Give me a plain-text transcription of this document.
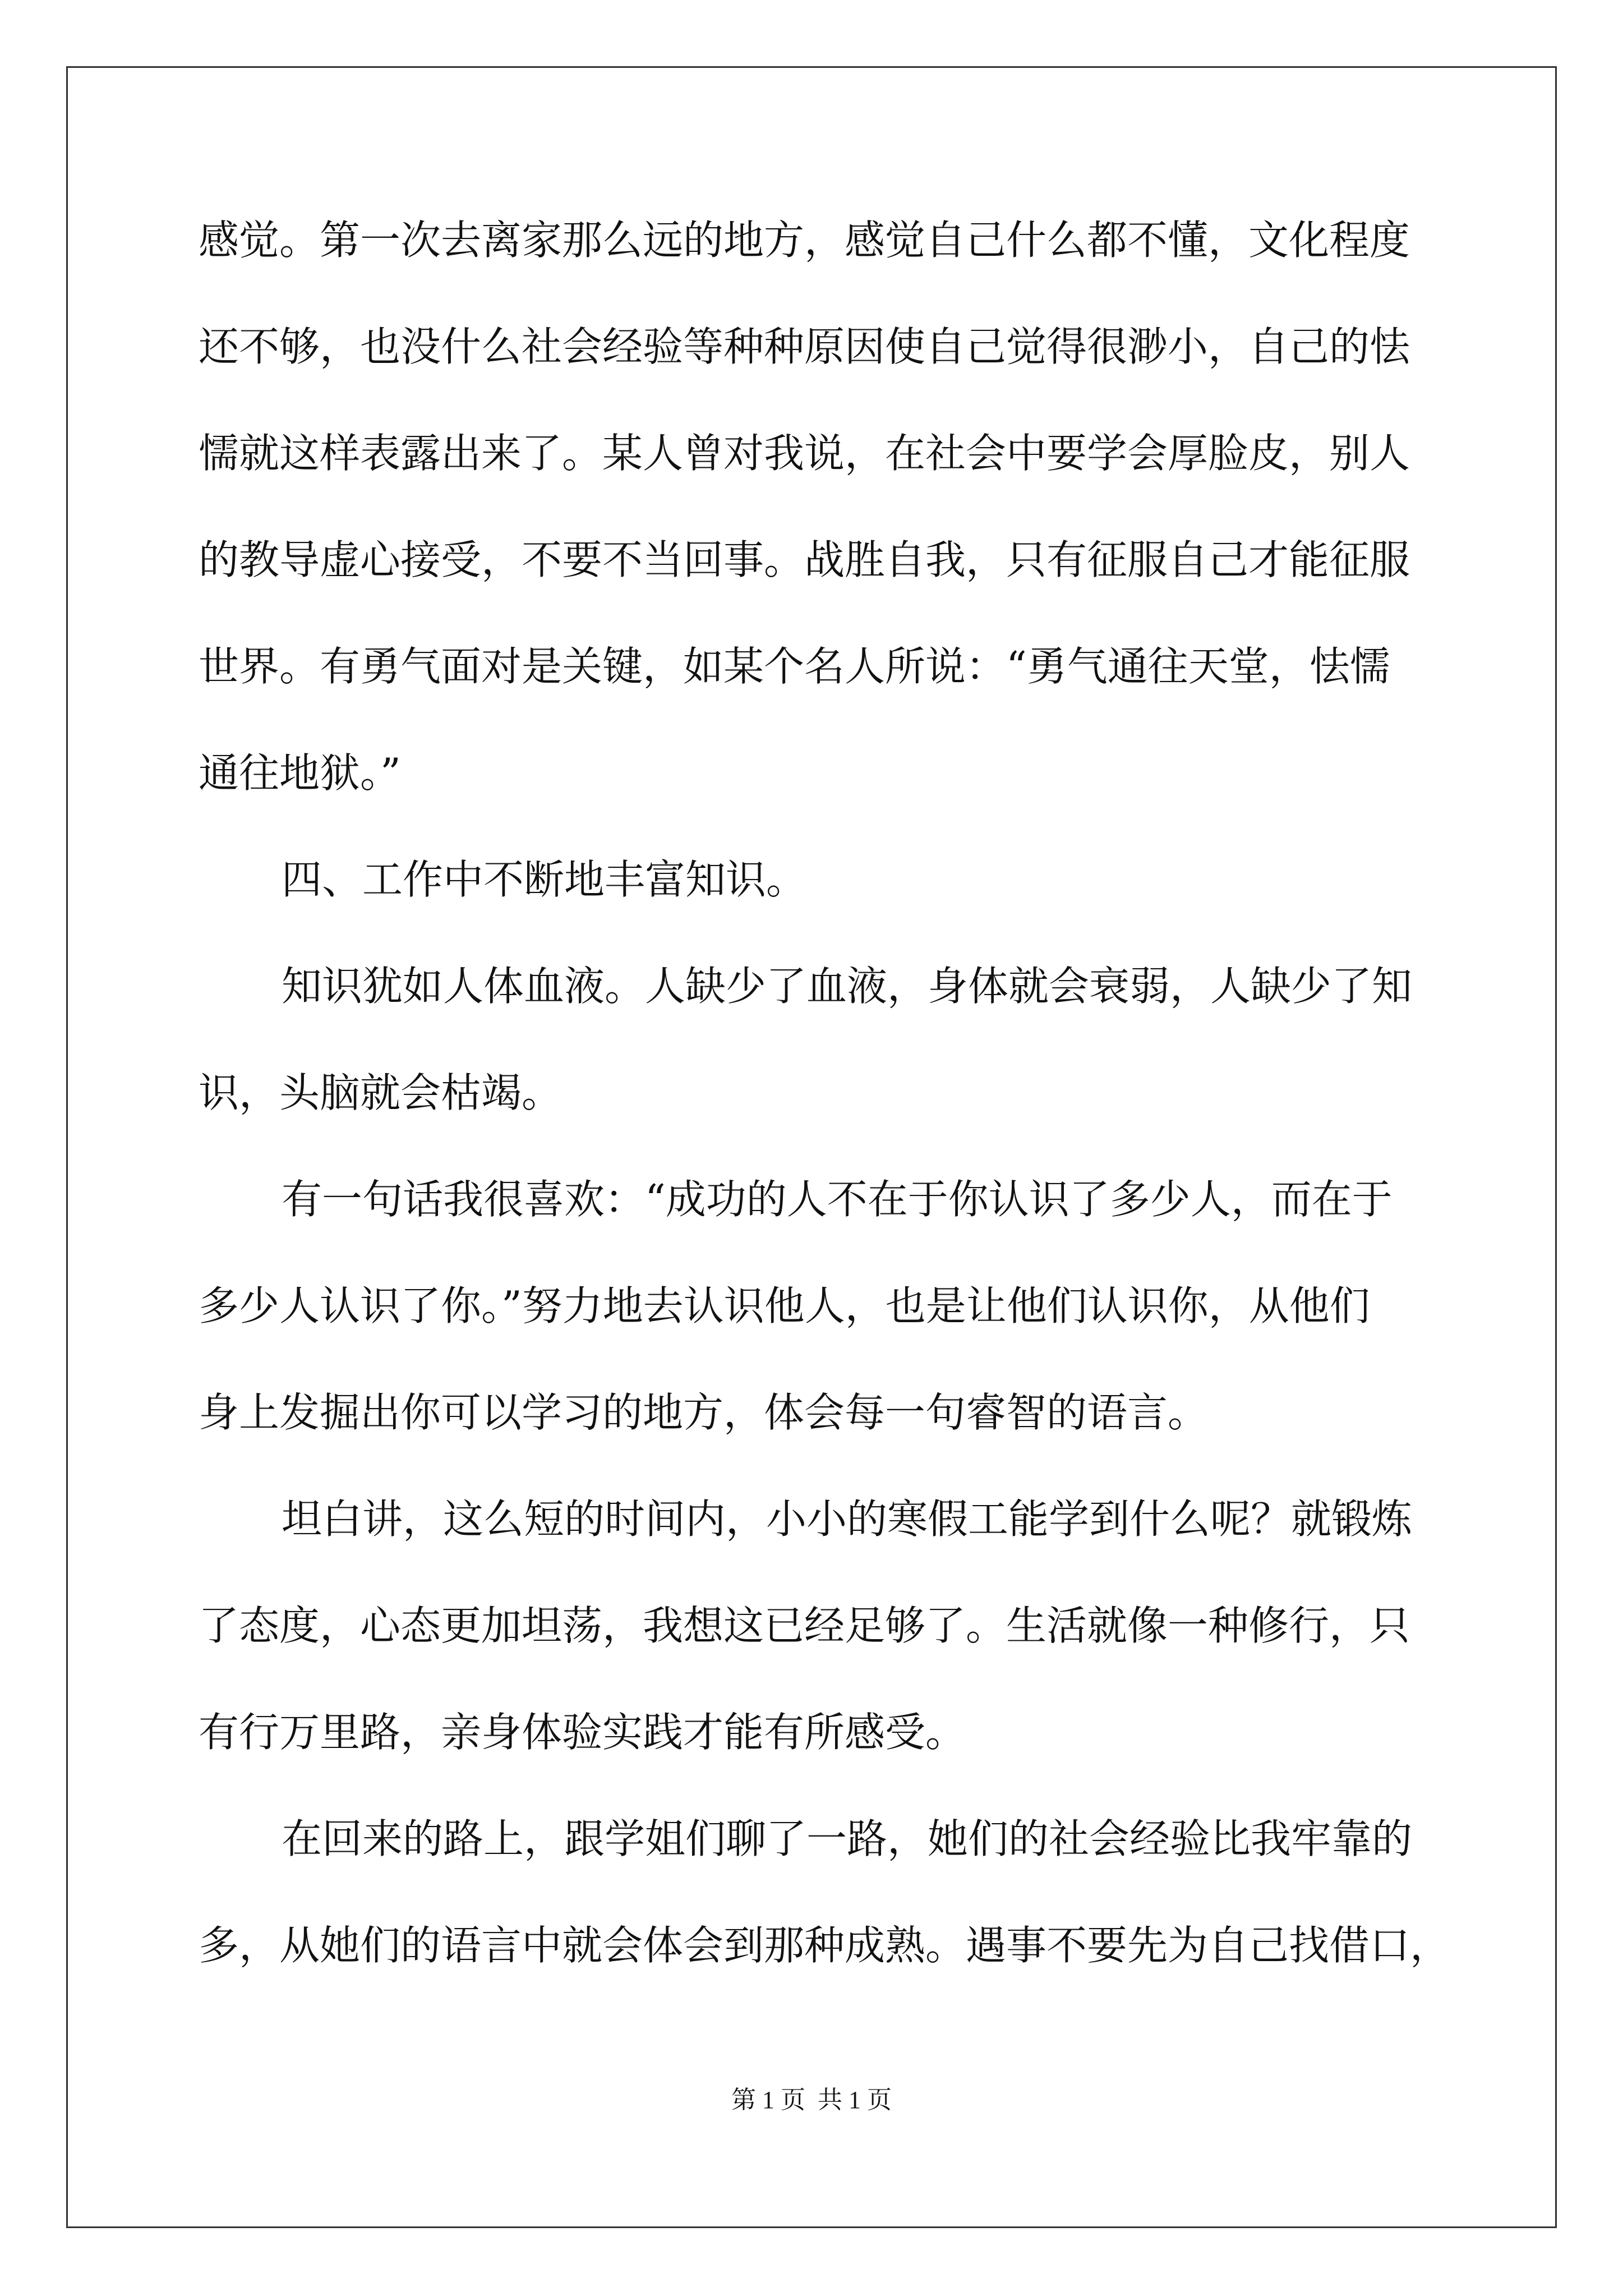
感觉。第一次去离家那么远的地方，感觉自己什么都不懂，文化程度
还不够，也没什么社会经验等种种原因使自己觉得很渺小，自己的怯
懦就这样表露出来了。某人曾对我说，在社会中要学会厚脸皮，别人
的教导虚心接受，不要不当回事。战胜自我，只有征服自己才能征服
世界。有勇气面对是关键，如某个名人所说：“勇气通往天堂，怯懦
通往地狱。”
四、工作中不断地丰富知识。
知识犹如人体血液。人缺少了血液，身体就会衰弱，人缺少了知
识，头脑就会枯竭。
有一句话我很喜欢：“成功的人不在于你认识了多少人，而在于
多少人认识了你。”努力地去认识他人，也是让他们认识你，从他们
身上发掘出你可以学习的地方，体会每一句睿智的语言。
坦白讲，这么短的时间内，小小的寒假工能学到什么呢？就锻炼
了态度，心态更加坦荡，我想这已经足够了。生活就像一种修行，只
有行万里路，亲身体验实践才能有所感受。
在回来的路上，跟学姐们聊了一路，她们的社会经验比我牢靠的
多，从她们的语言中就会体会到那种成熟。遇事不要先为自己找借口，
第 1 页  共 1 页
